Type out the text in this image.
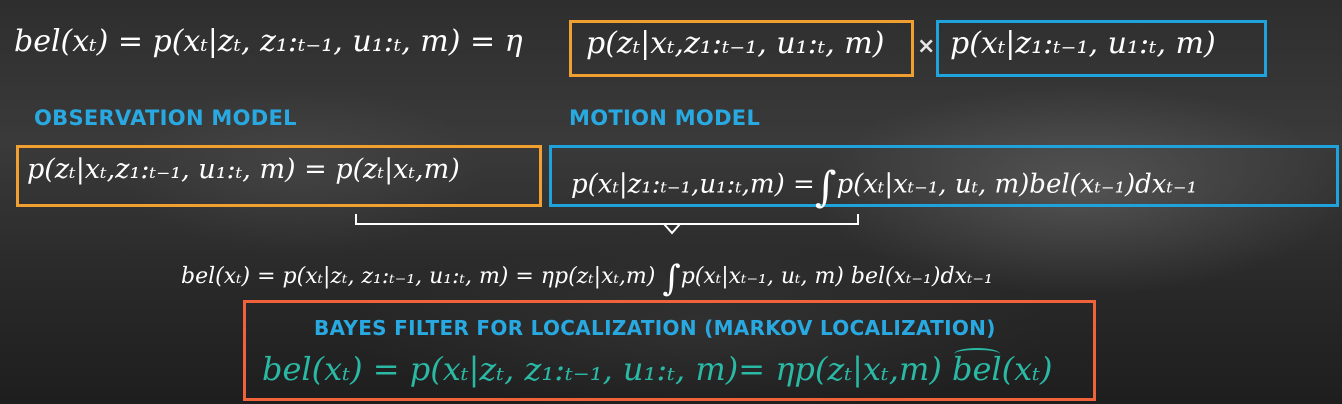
bel(xₜ) = p(xₜ|zₜ, z₁:ₜ₋₁, u₁:ₜ, m) = η p(zₜ|xₜ,z₁:ₜ₋₁, u₁:ₜ, m) × p(xₜ|z₁:ₜ₋₁, u₁:ₜ, m)
OBSERVATION MODEL	MOTION MODEL
p(zₜ|xₜ,z₁:ₜ₋₁, u₁:ₜ, m) = p(zₜ|xₜ,m)	p(xₜ|z₁:ₜ₋₁,u₁:ₜ,m) =∫p(xₜ|xₜ₋₁, uₜ, m)bel(xₜ₋₁)dxₜ₋₁
bel(xₜ) = p(xₜ|zₜ, z₁:ₜ₋₁, u₁:ₜ, m) = ηp(zₜ|xₜ,m) ∫p(xₜ|xₜ₋₁, uₜ, m) bel(xₜ₋₁)dxₜ₋₁
BAYES FILTER FOR LOCALIZATION (MARKOV LOCALIZATION)
bel(xₜ) = p(xₜ|zₜ, z₁:ₜ₋₁, u₁:ₜ, m)= ηp(zₜ|xₜ,m) bel(xₜ)
